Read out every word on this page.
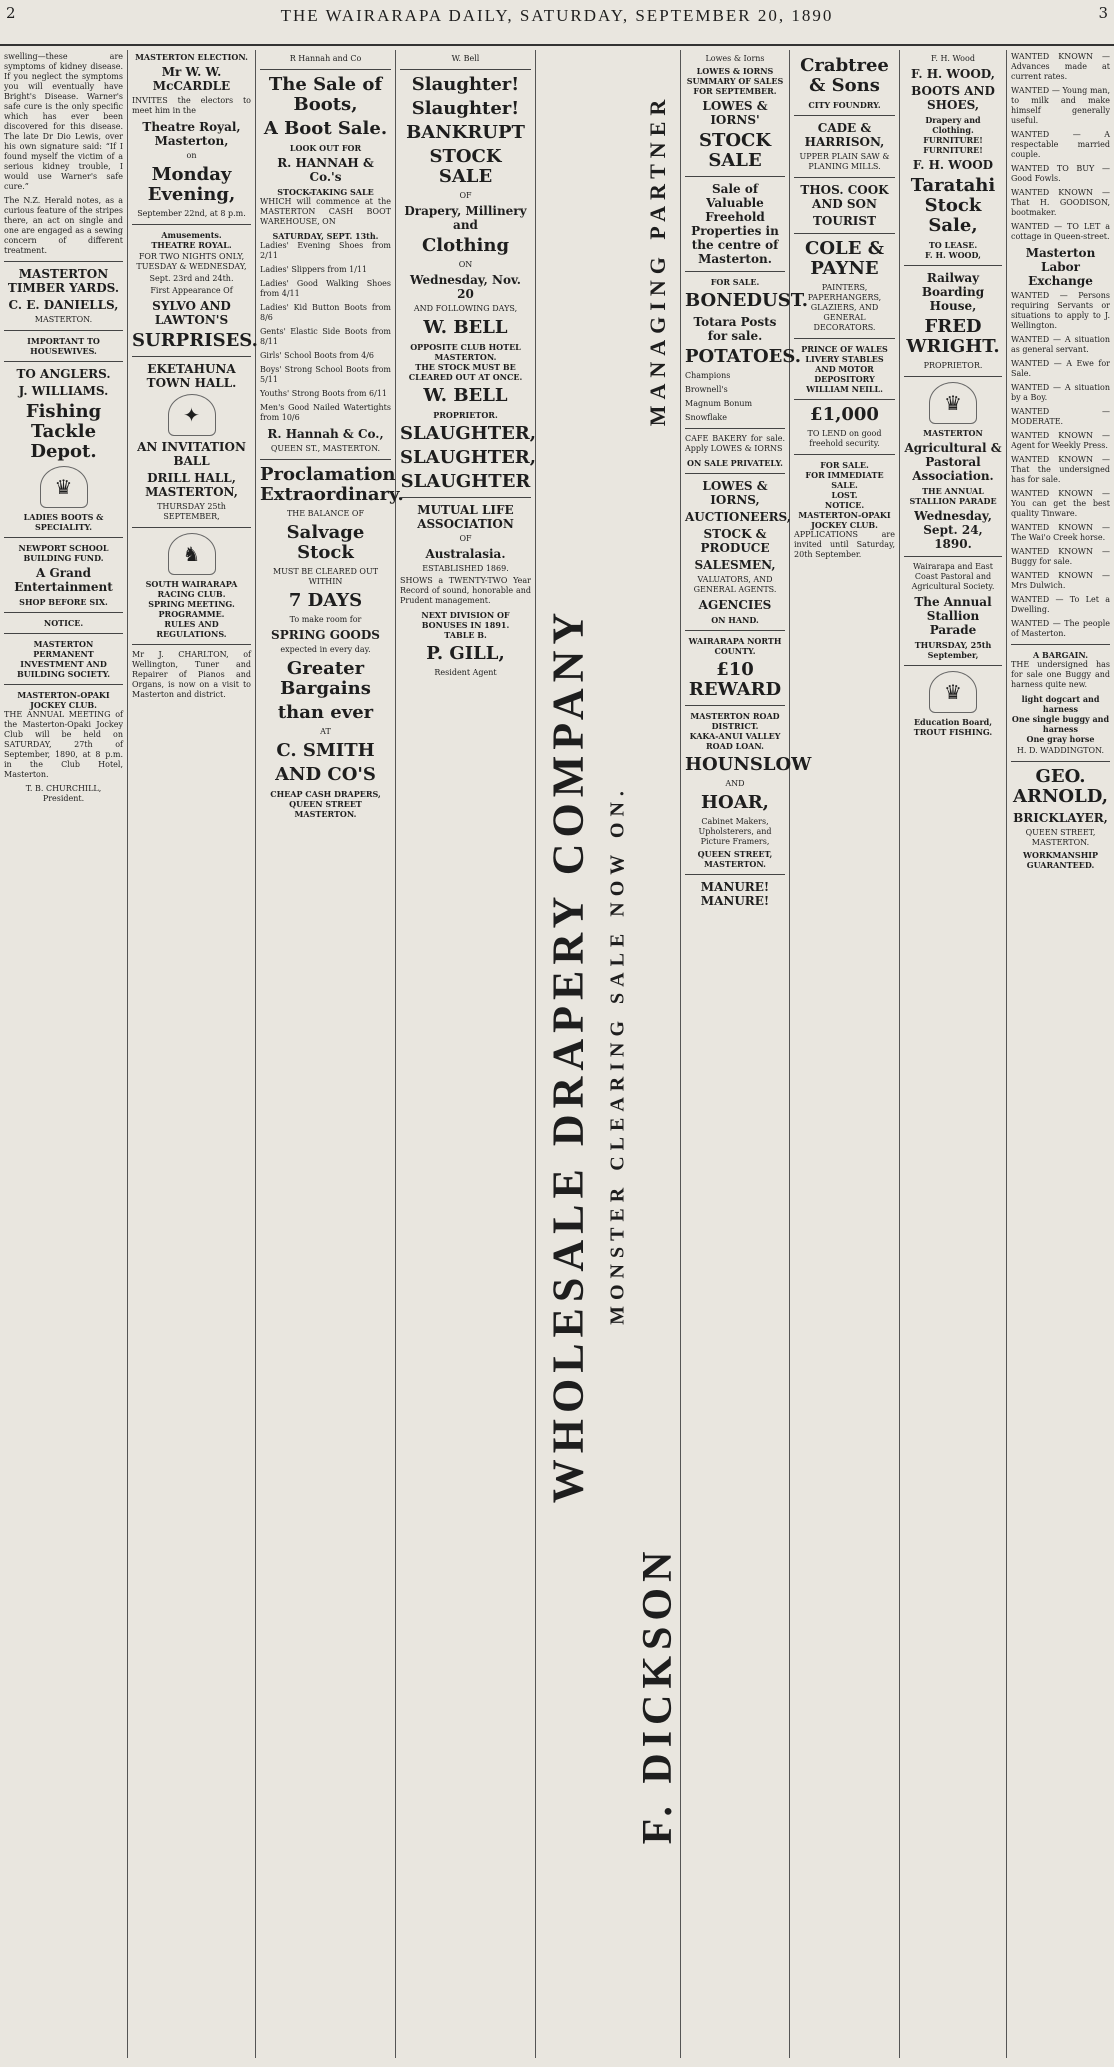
2	THE WAIRARAPA DAILY, SATURDAY, SEPTEMBER 20, 1890	3

swelling—these are symptoms of kidney disease. If you neglect the symptoms you will eventually have Bright's Disease. Warner's safe cure is the only specific which has ever been discovered for this disease. The late Dr Dio Lewis, over his own signature said: “If I found myself the victim of a serious kidney trouble, I would use Warner's safe cure.”

The N.Z. Herald notes, as a curious feature of the stripes there, an act on single and one are engaged as a sewing concern of different treatment.

MASTERTON TIMBER YARDS.
C. E. DANIELLS,
MASTERTON.
IMPORTANT TO HOUSEWIVES.
TO ANGLERS.
J. WILLIAMS.
Fishing Tackle Depot.
♛
LADIES BOOTS & SPECIALITY.
NEWPORT SCHOOL BUILDING FUND.
A Grand Entertainment
SHOP BEFORE SIX.
NOTICE.
MASTERTON PERMANENT INVESTMENT AND BUILDING SOCIETY.
MASTERTON-OPAKI JOCKEY CLUB.

THE ANNUAL MEETING of the Masterton-Opaki Jockey Club will be held on SATURDAY, 27th of September, 1890, at 8 p.m. in the Club Hotel, Masterton.

T. B. CHURCHILL, President.
MASTERTON ELECTION.
Mr W. W. McCARDLE

INVITES the electors to meet him in the

Theatre Royal, Masterton,
on
Monday Evening,
September 22nd, at 8 p.m.
Amusements.
THEATRE ROYAL.
FOR TWO NIGHTS ONLY, TUESDAY & WEDNESDAY,
Sept. 23rd and 24th.
First Appearance Of
SYLVO AND LAWTON'S
SURPRISES.
EKETAHUNA TOWN HALL.
✦
AN INVITATION BALL
DRILL HALL, MASTERTON,
THURSDAY 25th SEPTEMBER,
♞
SOUTH WAIRARAPA RACING CLUB.
SPRING MEETING.
PROGRAMME.
RULES AND REGULATIONS.

Mr J. CHARLTON, of Wellington, Tuner and Repairer of Pianos and Organs, is now on a visit to Masterton and district.

R Hannah and Co
The Sale of Boots,
A Boot Sale.
LOOK OUT FOR
R. HANNAH & Co.'s
STOCK-TAKING SALE

WHICH will commence at the MASTERTON CASH BOOT WAREHOUSE, ON

SATURDAY, SEPT. 13th.

Ladies' Evening Shoes from 2/11

Ladies' Slippers from 1/11

Ladies' Good Walking Shoes from 4/11

Ladies' Kid Button Boots from 8/6

Gents' Elastic Side Boots from 8/11

Girls' School Boots from 4/6

Boys' Strong School Boots from 5/11

Youths' Strong Boots from 6/11

Men's Good Nailed Watertights from 10/6

R. Hannah & Co.,
QUEEN ST., MASTERTON.
Proclamation Extraordinary.
THE BALANCE OF
Salvage Stock
MUST BE CLEARED OUT WITHIN
7 DAYS
To make room for
SPRING GOODS
expected in every day.
Greater Bargains
than ever
AT
C. SMITH
AND CO'S
CHEAP CASH DRAPERS,
QUEEN STREET
MASTERTON.
W. Bell
Slaughter!
Slaughter!
BANKRUPT
STOCK SALE
OF
Drapery, Millinery and
Clothing
ON
Wednesday, Nov. 20
AND FOLLOWING DAYS,
W. BELL
OPPOSITE CLUB HOTEL
MASTERTON.
THE STOCK MUST BE CLEARED OUT AT ONCE.
W. BELL
PROPRIETOR.
SLAUGHTER,
SLAUGHTER,
SLAUGHTER
MUTUAL LIFE ASSOCIATION
OF
Australasia.
ESTABLISHED 1869.

SHOWS a TWENTY-TWO Year Record of sound, honorable and Prudent management.

NEXT DIVISION OF BONUSES IN 1891.
TABLE B.
P. GILL,
Resident Agent	WHOLESALE DRAPERY COMPANY MONSTER CLEARING SALE NOW ON.
MANAGING PARTNER
F. DICKSON
Lowes & Iorns
LOWES & IORNS SUMMARY OF SALES FOR SEPTEMBER.
LOWES & IORNS'
STOCK SALE
Sale of Valuable Freehold Properties in the centre of Masterton.
FOR SALE.
BONEDUST.
Totara Posts for sale.
POTATOES.

Champions

Brownell's

Magnum Bonum

Snowflake

CAFE BAKERY for sale. Apply LOWES & IORNS

ON SALE PRIVATELY.
LOWES & IORNS,
AUCTIONEERS,
STOCK & PRODUCE
SALESMEN,
VALUATORS, AND GENERAL AGENTS.
AGENCIES
ON HAND.
WAIRARAPA NORTH COUNTY.
£10 REWARD
MASTERTON ROAD DISTRICT.
KAKA-ANUI VALLEY ROAD LOAN.
HOUNSLOW
AND
HOAR,
Cabinet Makers, Upholsterers, and Picture Framers,
QUEEN STREET, MASTERTON.
MANURE! MANURE!
Crabtree & Sons
CITY FOUNDRY.
CADE & HARRISON,
UPPER PLAIN SAW & PLANING MILLS.
THOS. COOK AND SON
TOURIST
COLE & PAYNE
PAINTERS, PAPERHANGERS, GLAZIERS, AND GENERAL DECORATORS.
PRINCE OF WALES LIVERY STABLES AND MOTOR DEPOSITORY
WILLIAM NEILL.
£1,000
TO LEND on good freehold security.
FOR SALE.
FOR IMMEDIATE SALE.
LOST.
NOTICE.
MASTERTON-OPAKI JOCKEY CLUB.

APPLICATIONS are invited until Saturday, 20th September.

F. H. Wood
F. H. WOOD,
BOOTS AND SHOES,
Drapery and Clothing.
FURNITURE! FURNITURE!
F. H. WOOD
Taratahi Stock Sale,
TO LEASE.
F. H. WOOD,
Railway Boarding House,
FRED WRIGHT.
PROPRIETOR.
♛
MASTERTON
Agricultural & Pastoral Association.
THE ANNUAL STALLION PARADE
Wednesday, Sept. 24, 1890.
Wairarapa and East Coast Pastoral and Agricultural Society.
The Annual Stallion Parade
THURSDAY, 25th September,
♛
Education Board,
TROUT FISHING.

WANTED KNOWN — Advances made at current rates.

WANTED — Young man, to milk and make himself generally useful.

WANTED — A respectable married couple.

WANTED TO BUY — Good Fowls.

WANTED KNOWN — That H. GOODISON, bootmaker.

WANTED — TO LET a cottage in Queen-street.

Masterton Labor Exchange

WANTED — Persons requiring Servants or situations to apply to J. Wellington.

WANTED — A situation as general servant.

WANTED — A Ewe for Sale.

WANTED — A situation by a Boy.

WANTED — MODERATE.

WANTED KNOWN — Agent for Weekly Press.

WANTED KNOWN — That the undersigned has for sale.

WANTED KNOWN — You can get the best quality Tinware.

WANTED KNOWN — The Wai'o Creek horse.

WANTED KNOWN — Buggy for sale.

WANTED KNOWN — Mrs Dulwich.

WANTED — To Let a Dwelling.

WANTED — The people of Masterton.

A BARGAIN.

THE undersigned has for sale one Buggy and harness quite new.

light dogcart and harness
One single buggy and harness
One gray horse
H. D. WADDINGTON.
GEO. ARNOLD,
BRICKLAYER,
QUEEN STREET, MASTERTON.
WORKMANSHIP GUARANTEED.
